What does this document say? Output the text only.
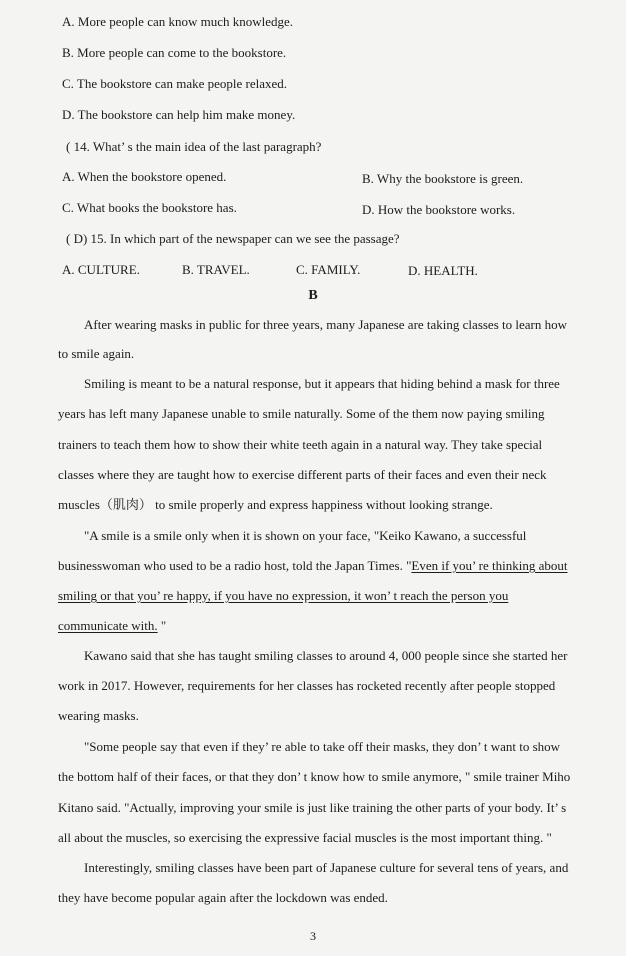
A. More people can know much knowledge.
B. More people can come to the bookstore.
C. The bookstore can make people relaxed.
D. The bookstore can help him make money.
( 14. What’ s the main idea of the last paragraph?
A. When the bookstore opened.	B. Why the bookstore is green.
C. What books the bookstore has.	D. How the bookstore works.
( D) 15. In which part of the newspaper can we see the passage?
A. CULTURE.	B. TRAVEL.	C. FAMILY.	D. HEALTH.
B
After wearing masks in public for three years, many Japanese are taking classes to learn how
to smile again.
Smiling is meant to be a natural response, but it appears that hiding behind a mask for three
years has left many Japanese unable to smile naturally. Some of the them now paying smiling
trainers to teach them how to show their white teeth again in a natural way. They take special
classes where they are taught how to exercise different parts of their faces and even their neck
muscles（肌肉） to smile properly and express happiness without looking strange.
"A smile is a smile only when it is shown on your face, "Keiko Kawano, a successful
businesswoman who used to be a radio host, told the Japan Times. "Even if you’ re thinking about
smiling or that you’ re happy, if you have no expression, it won’ t reach the person you
communicate with. "
Kawano said that she has taught smiling classes to around 4, 000 people since she started her
work in 2017. However, requirements for her classes has rocketed recently after people stopped
wearing masks.
"Some people say that even if they’ re able to take off their masks, they don’ t want to show
the bottom half of their faces, or that they don’ t know how to smile anymore, " smile trainer Miho
Kitano said. "Actually, improving your smile is just like training the other parts of your body. It’ s
all about the muscles, so exercising the expressive facial muscles is the most important thing. "
Interestingly, smiling classes have been part of Japanese culture for several tens of years, and
they have become popular again after the lockdown was ended.
3
